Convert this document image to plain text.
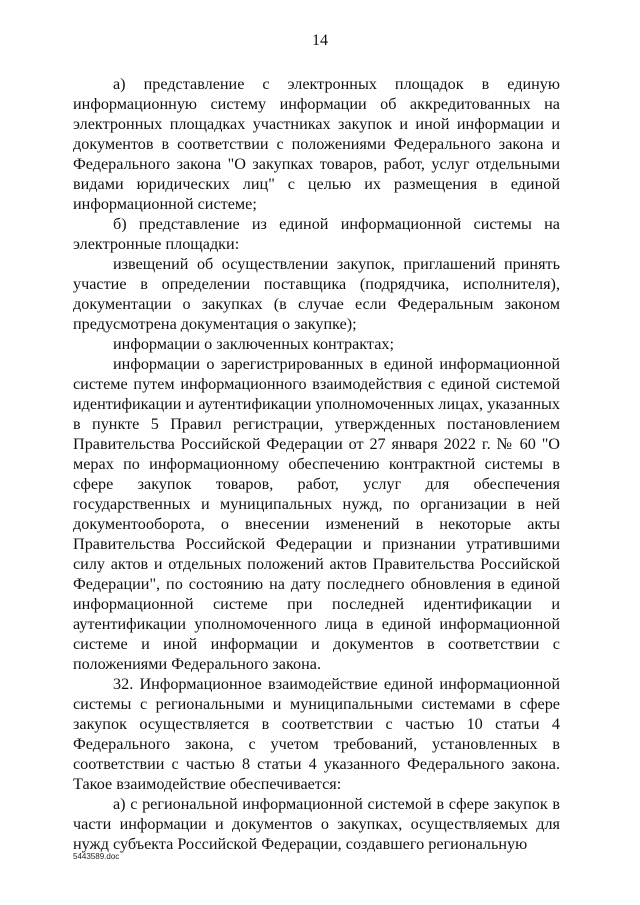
14

а) представление с электронных площадок в единую информационную систему информации об аккредитованных на электронных площадках участниках закупок и иной информации и документов в соответствии с положениями Федерального закона и Федерального закона "О закупках товаров, работ, услуг отдельными видами юридических лиц" с целью их размещения в единой информационной системе;

б) представление из единой информационной системы на электронные площадки:

извещений об осуществлении закупок, приглашений принять участие в определении поставщика (подрядчика, исполнителя), документации о закупках (в случае если Федеральным законом предусмотрена документация о закупке);

информации о заключенных контрактах;

информации о зарегистрированных в единой информационной системе путем информационного взаимодействия с единой системой идентификации и аутентификации уполномоченных лицах, указанных в пункте 5 Правил регистрации, утвержденных постановлением Правительства Российской Федерации от 27 января 2022 г. № 60 "О мерах по информационному обеспечению контрактной системы в сфере закупок товаров, работ, услуг для обеспечения государственных и муниципальных нужд, по организации в ней документооборота, о внесении изменений в некоторые акты Правительства Российской Федерации и признании утратившими силу актов и отдельных положений актов Правительства Российской Федерации", по состоянию на дату последнего обновления в единой информационной системе при последней идентификации и аутентификации уполномоченного лица в единой информационной системе и иной информации и документов в соответствии с положениями Федерального закона.

32. Информационное взаимодействие единой информационной системы с региональными и муниципальными системами в сфере закупок осуществляется в соответствии с частью 10 статьи 4 Федерального закона, с учетом требований, установленных в соответствии с частью 8 статьи 4 указанного Федерального закона. Такое взаимодействие обеспечивается:

а) с региональной информационной системой в сфере закупок в части информации и документов о закупках, осуществляемых для нужд субъекта Российской Федерации, создавшего региональную

5443589.doc
